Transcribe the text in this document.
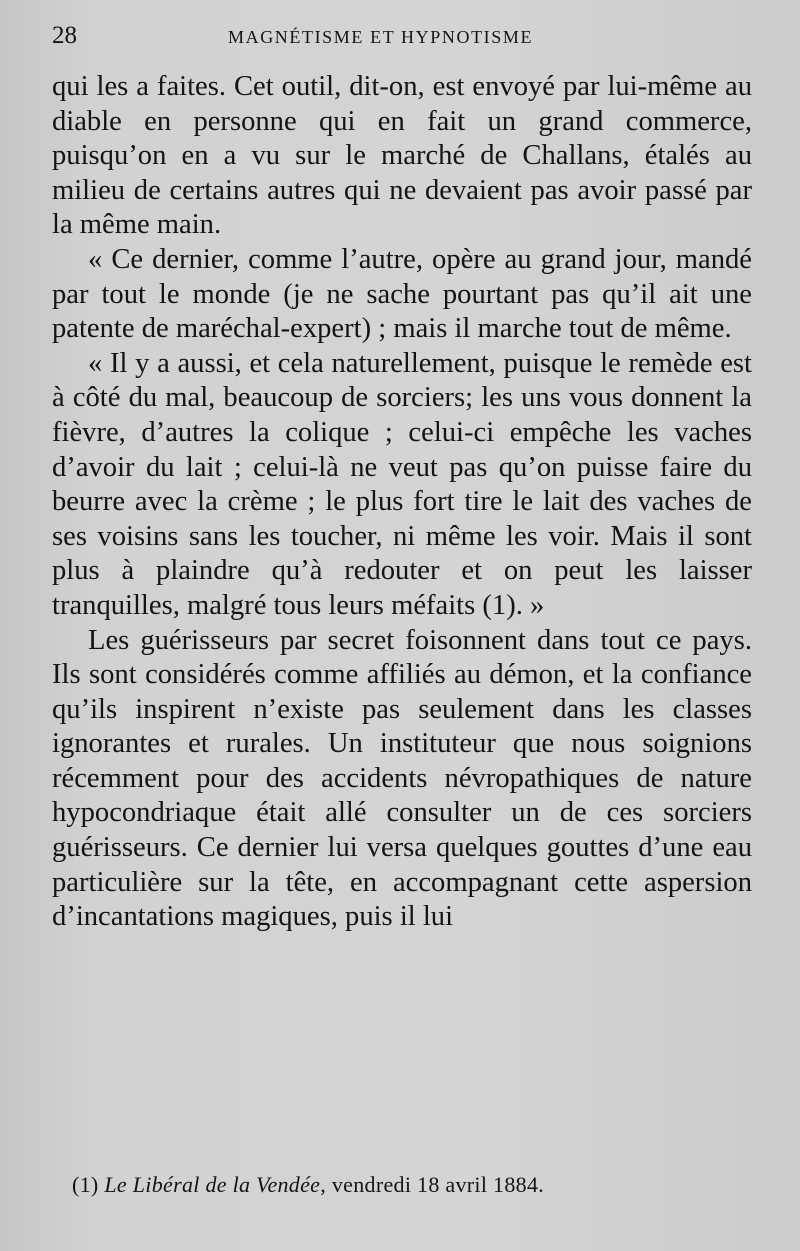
28	MAGNÉTISME ET HYPNOTISME

qui les a faites. Cet outil, dit-on, est envoyé par lui-même au diable en personne qui en fait un grand commerce, puisqu’on en a vu sur le marché de Challans, étalés au milieu de certains autres qui ne devaient pas avoir passé par la même main.

« Ce dernier, comme l’autre, opère au grand jour, mandé par tout le monde (je ne sache pourtant pas qu’il ait une patente de maréchal-expert) ; mais il marche tout de même.

« Il y a aussi, et cela naturellement, puisque le remède est à côté du mal, beaucoup de sorciers; les uns vous donnent la fièvre, d’autres la colique ; celui-ci empêche les vaches d’avoir du lait ; celui-là ne veut pas qu’on puisse faire du beurre avec la crème ; le plus fort tire le lait des vaches de ses voisins sans les toucher, ni même les voir. Mais il sont plus à plaindre qu’à redouter et on peut les laisser tranquilles, malgré tous leurs méfaits (1). »

Les guérisseurs par secret foisonnent dans tout ce pays. Ils sont considérés comme affiliés au démon, et la confiance qu’ils inspirent n’existe pas seulement dans les classes ignorantes et rurales. Un instituteur que nous soignions récemment pour des accidents névropathiques de nature hypocondriaque était allé consulter un de ces sorciers guérisseurs. Ce dernier lui versa quelques gouttes d’une eau particulière sur la tête, en accompagnant cette aspersion d’incantations magiques, puis il lui

(1) Le Libéral de la Vendée, vendredi 18 avril 1884.
